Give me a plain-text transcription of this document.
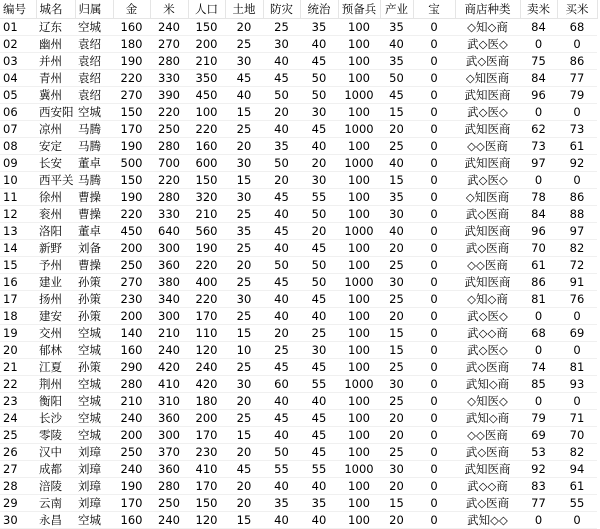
编号	城名	归属	金	米	人口	土地	防灾	统治	预备兵	产业	宝	商店种类	卖米	买米
01	辽东	空城	160	240	150	20	25	35	100	35	0	◇知◇商	84	68
02	幽州	袁绍	180	270	200	25	30	40	100	40	0	武◇医◇	0	0
03	并州	袁绍	190	280	210	30	40	45	100	35	0	武◇医商	75	86
04	青州	袁绍	220	330	350	45	45	50	100	50	0	◇知医商	84	77
05	冀州	袁绍	270	390	450	40	50	50	1000	45	0	武知医商	96	79
06	西安阳	空城	150	220	100	15	20	30	100	15	0	武◇医◇	0	0
07	凉州	马腾	170	250	220	25	40	45	1000	20	0	武知医商	62	73
08	安定	马腾	190	280	160	20	35	40	100	25	0	◇◇医商	73	61
09	长安	董卓	500	700	600	30	50	20	1000	40	0	武知医商	97	92
10	西平关	马腾	150	220	150	15	20	30	100	15	0	武◇医◇	0	0
11	徐州	曹操	190	280	320	30	45	55	100	35	0	◇知医商	78	86
12	衮州	曹操	220	330	210	25	40	50	100	30	0	武◇医商	84	88
13	洛阳	董卓	450	640	560	35	45	20	1000	40	0	武知医商	96	97
14	新野	刘备	200	300	190	25	40	45	100	20	0	武◇医商	70	82
15	予州	曹操	250	360	220	20	50	50	100	25	0	◇◇医商	61	72
16	建业	孙策	270	380	400	25	45	50	1000	30	0	武知医商	86	91
17	扬州	孙策	230	340	220	30	40	45	100	25	0	◇知◇商	81	76
18	建安	孙策	200	300	170	25	40	40	100	20	0	武◇医◇	0	0
19	交州	空城	140	210	110	15	20	25	100	15	0	武◇◇商	68	69
20	郁林	空城	160	240	120	10	25	30	100	15	0	武◇医◇	0	0
21	江夏	孙策	290	420	240	25	45	45	100	25	0	武◇医商	74	81
22	荆州	空城	280	410	420	30	60	55	1000	30	0	武知◇商	85	93
23	衡阳	空城	210	310	180	20	40	40	100	25	0	◇知医◇	0	0
24	长沙	空城	240	360	200	25	45	45	100	20	0	武知◇商	79	71
25	零陵	空城	200	300	170	15	40	45	100	20	0	◇◇医商	69	70
26	汉中	刘璋	250	370	230	20	50	45	100	25	0	武◇医商	53	82
27	成都	刘璋	240	360	410	45	55	55	1000	30	0	武知医商	92	94
28	涪陵	刘璋	190	280	170	20	40	40	100	20	0	武◇◇商	83	61
29	云南	刘璋	170	250	150	20	35	35	100	15	0	武◇医商	77	55
30	永昌	空城	160	240	120	15	40	40	100	20	0	武知◇◇	0	0
